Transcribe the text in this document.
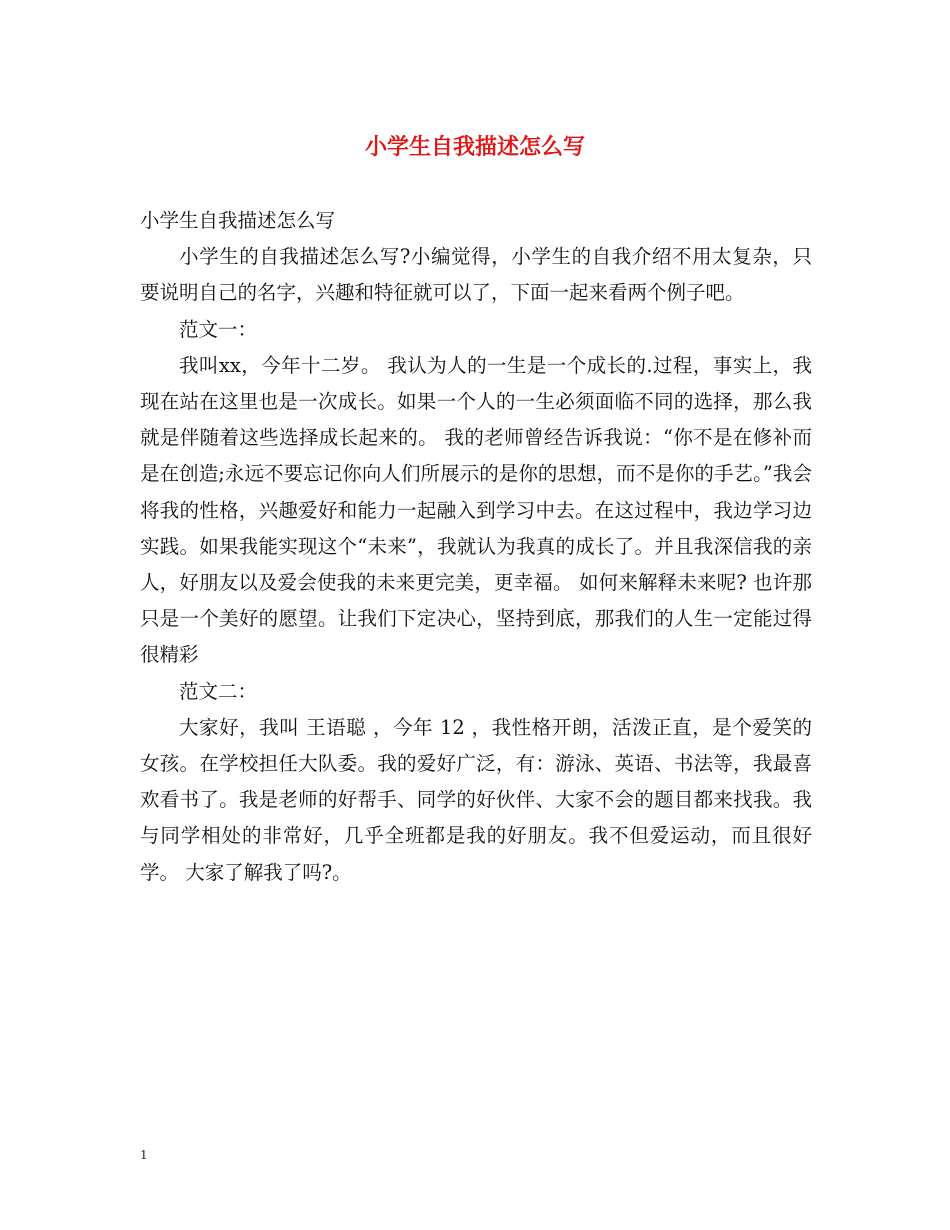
小学生自我描述怎么写

小学生自我描述怎么写

小学生的自我描述怎么写?小编觉得，小学生的自我介绍不用太复杂，只要说明自己的名字，兴趣和特征就可以了，下面一起来看两个例子吧。

范文一：

我叫xx，今年十二岁。 我认为人的一生是一个成长的.过程，事实上，我现在站在这里也是一次成长。如果一个人的一生必须面临不同的选择，那么我就是伴随着这些选择成长起来的。 我的老师曾经告诉我说：“你不是在修补而是在创造;永远不要忘记你向人们所展示的是你的思想，而不是你的手艺。”我会将我的性格，兴趣爱好和能力一起融入到学习中去。在这过程中，我边学习边实践。如果我能实现这个“未来”，我就认为我真的成长了。并且我深信我的亲人，好朋友以及爱会使我的未来更完美，更幸福。 如何来解释未来呢? 也许那只是一个美好的愿望。让我们下定决心，坚持到底，那我们的人生一定能过得很精彩

范文二：

大家好，我叫 王语聪 ，今年 12 ，我性格开朗，活泼正直，是个爱笑的女孩。在学校担任大队委。我的爱好广泛，有：游泳、英语、书法等，我最喜欢看书了。我是老师的好帮手、同学的好伙伴、大家不会的题目都来找我。我与同学相处的非常好，几乎全班都是我的好朋友。我不但爱运动，而且很好学。 大家了解我了吗?。

1
